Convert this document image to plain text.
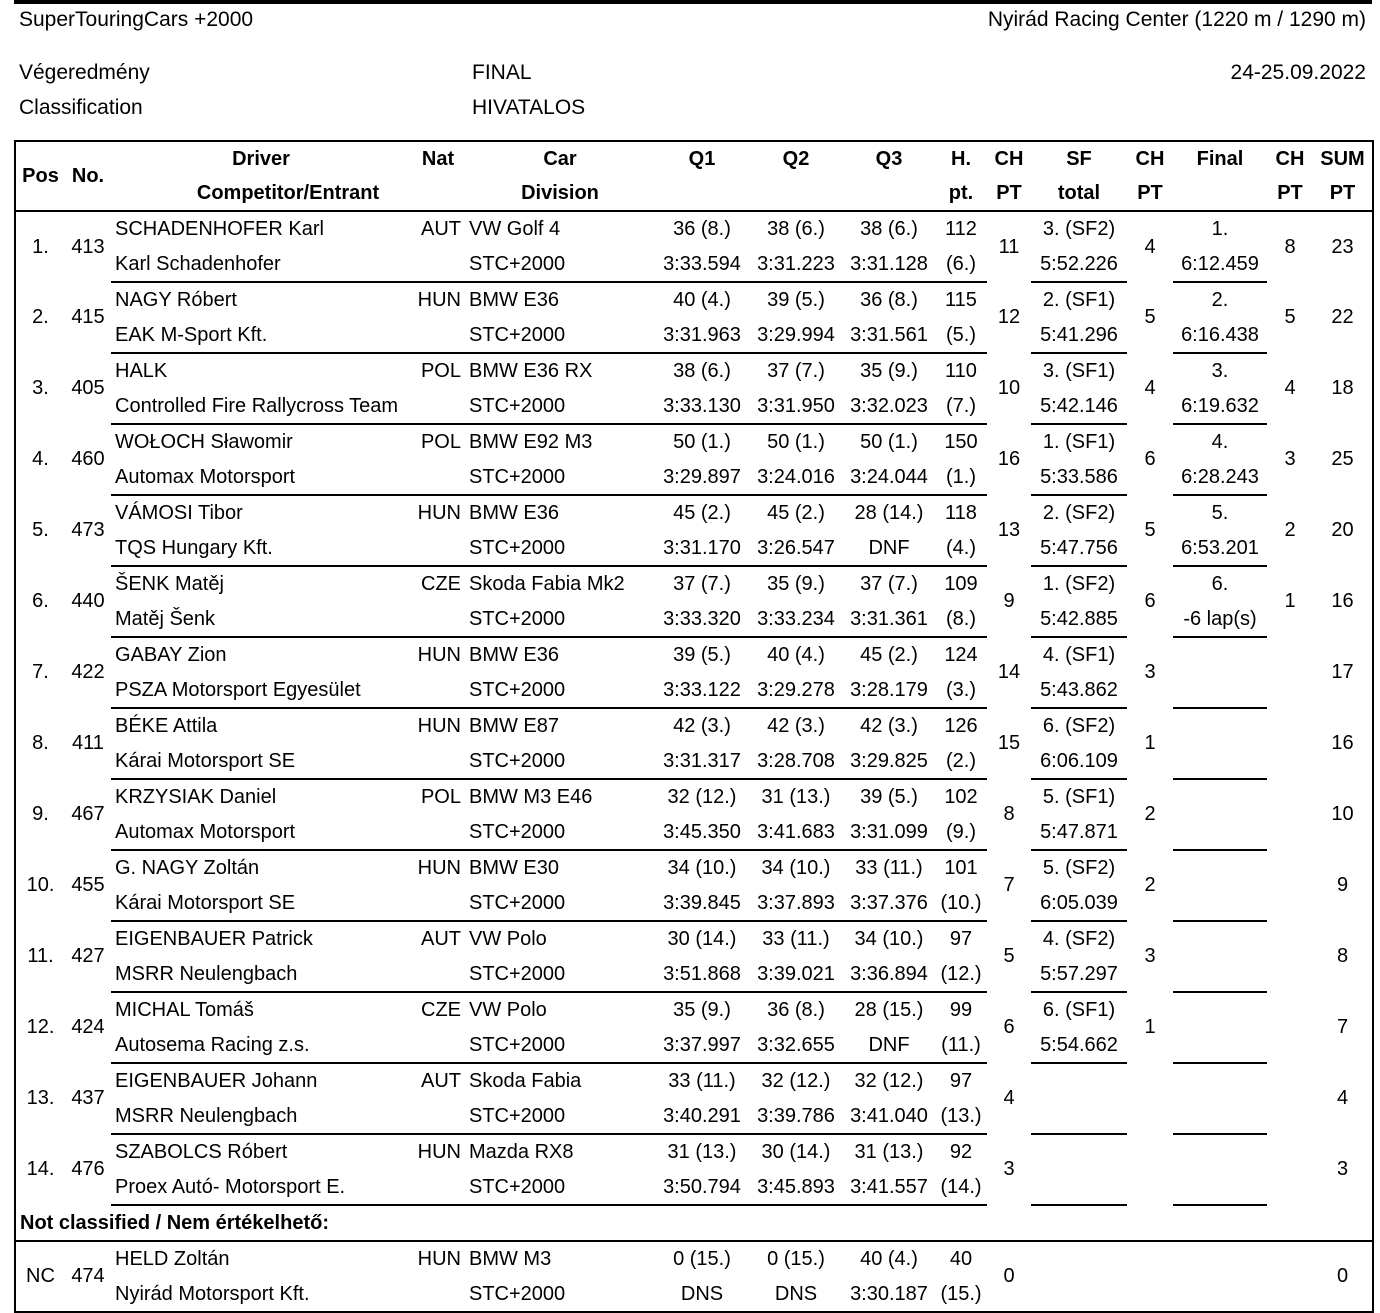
SuperTouringCars +2000	Nyirád Racing Center (1220 m / 1290 m)
Végeredmény
Classification
FINAL
HIVATALOS
24-25.09.2022
Pos	No.	Driver	Nat	Car	Q1	Q2	Q3	H.	CH	SF	CH	Final	CH	SUM
		Competitor/Entrant		Division				pt.	PT	total	PT		PT	PT
1.	413	SCHADENHOFER Karl	AUT	VW Golf 4	36 (8.)	38 (6.)	38 (6.)	112	11	3. (SF2)	4	1.	8	23
		Karl Schadenhofer		STC+2000	3:33.594	3:31.223	3:31.128	(6.)		5:52.226		6:12.459		
2.	415	NAGY Róbert	HUN	BMW E36	40 (4.)	39 (5.)	36 (8.)	115	12	2. (SF1)	5	2.	5	22
		EAK M-Sport Kft.		STC+2000	3:31.963	3:29.994	3:31.561	(5.)		5:41.296		6:16.438		
3.	405	HALK	POL	BMW E36 RX	38 (6.)	37 (7.)	35 (9.)	110	10	3. (SF1)	4	3.	4	18
		Controlled Fire Rallycross Team		STC+2000	3:33.130	3:31.950	3:32.023	(7.)		5:42.146		6:19.632		
4.	460	WOŁOCH Sławomir	POL	BMW E92 M3	50 (1.)	50 (1.)	50 (1.)	150	16	1. (SF1)	6	4.	3	25
		Automax Motorsport		STC+2000	3:29.897	3:24.016	3:24.044	(1.)		5:33.586		6:28.243		
5.	473	VÁMOSI Tibor	HUN	BMW E36	45 (2.)	45 (2.)	28 (14.)	118	13	2. (SF2)	5	5.	2	20
		TQS Hungary Kft.		STC+2000	3:31.170	3:26.547	DNF	(4.)		5:47.756		6:53.201		
6.	440	ŠENK Matěj	CZE	Skoda Fabia Mk2	37 (7.)	35 (9.)	37 (7.)	109	9	1. (SF2)	6	6.	1	16
		Matěj Šenk		STC+2000	3:33.320	3:33.234	3:31.361	(8.)		5:42.885		-6 lap(s)		
7.	422	GABAY Zion	HUN	BMW E36	39 (5.)	40 (4.)	45 (2.)	124	14	4. (SF1)	3			17
		PSZA Motorsport Egyesület		STC+2000	3:33.122	3:29.278	3:28.179	(3.)		5:43.862				
8.	411	BÉKE Attila	HUN	BMW E87	42 (3.)	42 (3.)	42 (3.)	126	15	6. (SF2)	1			16
		Kárai Motorsport SE		STC+2000	3:31.317	3:28.708	3:29.825	(2.)		6:06.109				
9.	467	KRZYSIAK Daniel	POL	BMW M3 E46	32 (12.)	31 (13.)	39 (5.)	102	8	5. (SF1)	2			10
		Automax Motorsport		STC+2000	3:45.350	3:41.683	3:31.099	(9.)		5:47.871				
10.	455	G. NAGY Zoltán	HUN	BMW E30	34 (10.)	34 (10.)	33 (11.)	101	7	5. (SF2)	2			9
		Kárai Motorsport SE		STC+2000	3:39.845	3:37.893	3:37.376	(10.)		6:05.039				
11.	427	EIGENBAUER Patrick	AUT	VW Polo	30 (14.)	33 (11.)	34 (10.)	97	5	4. (SF2)	3			8
		MSRR Neulengbach		STC+2000	3:51.868	3:39.021	3:36.894	(12.)		5:57.297				
12.	424	MICHAL Tomáš	CZE	VW Polo	35 (9.)	36 (8.)	28 (15.)	99	6	6. (SF1)	1			7
		Autosema Racing z.s.		STC+2000	3:37.997	3:32.655	DNF	(11.)		5:54.662				
13.	437	EIGENBAUER Johann	AUT	Skoda Fabia	33 (11.)	32 (12.)	32 (12.)	97	4					4
		MSRR Neulengbach		STC+2000	3:40.291	3:39.786	3:41.040	(13.)						
14.	476	SZABOLCS Róbert	HUN	Mazda RX8	31 (13.)	30 (14.)	31 (13.)	92	3					3
		Proex Autó- Motorsport E.		STC+2000	3:50.794	3:45.893	3:41.557	(14.)						
Not classified / Nem értékelhető:														
NC	474	HELD Zoltán	HUN	BMW M3	0 (15.)	0 (15.)	40 (4.)	40	0					0
		Nyirád Motorsport Kft.		STC+2000	DNS	DNS	3:30.187	(15.)						
